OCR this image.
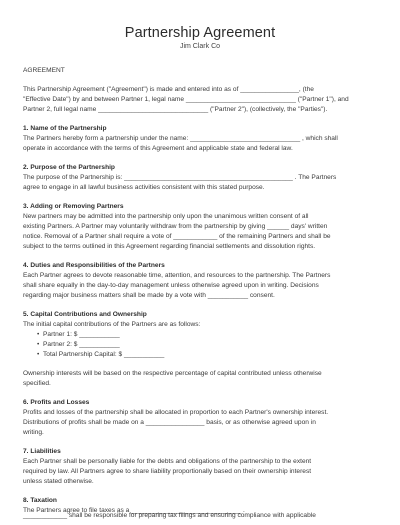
Partnership Agreement
Jim Clark Co

AGREEMENT

This Partnership Agreement ("Agreement") is made and entered into as of ________________, (the

"Effective Date") by and between Partner 1, legal name ______________________________ ("Partner 1"), and

Partner 2, full legal name ______________________________ ("Partner 2"), (collectively, the "Parties").

1. Name of the Partnership

The Partners hereby form a partnership under the name: ______________________________ , which shall

operate in accordance with the terms of this Agreement and applicable state and federal law.

2. Purpose of the Partnership

The purpose of the Partnership is: ______________________________________________ . The Partners

agree to engage in all lawful business activities consistent with this stated purpose.

3. Adding or Removing Partners

New partners may be admitted into the partnership only upon the unanimous written consent of all

existing Partners. A Partner may voluntarily withdraw from the partnership by giving ______ days' written

notice. Removal of a Partner shall require a vote of ____________ of the remaining Partners and shall be

subject to the terms outlined in this Agreement regarding financial settlements and dissolution rights.

4. Duties and Responsibilities of the Partners

Each Partner agrees to devote reasonable time, attention, and resources to the partnership. The Partners

shall share equally in the day-to-day management unless otherwise agreed upon in writing. Decisions

regarding major business matters shall be made by a vote with ___________ consent.

5. Capital Contributions and Ownership

The initial capital contributions of the Partners are as follows:

• Partner 1: $ ___________
• Partner 2: $ ___________
• Total Partnership Capital: $ ___________

Ownership interests will be based on the respective percentage of capital contributed unless otherwise

specified.

6. Profits and Losses

Profits and losses of the partnership shall be allocated in proportion to each Partner's ownership interest.

Distributions of profits shall be made on a ________________ basis, or as otherwise agreed upon in

writing.

7. Liabilities

Each Partner shall be personally liable for the debts and obligations of the partnership to the extent

required by law. All Partners agree to share liability proportionally based on their ownership interest

unless stated otherwise.

8. Taxation

The Partners agree to file taxes as a ______________________________ .

____________ shall be responsible for preparing tax filings and ensuring compliance with applicable
